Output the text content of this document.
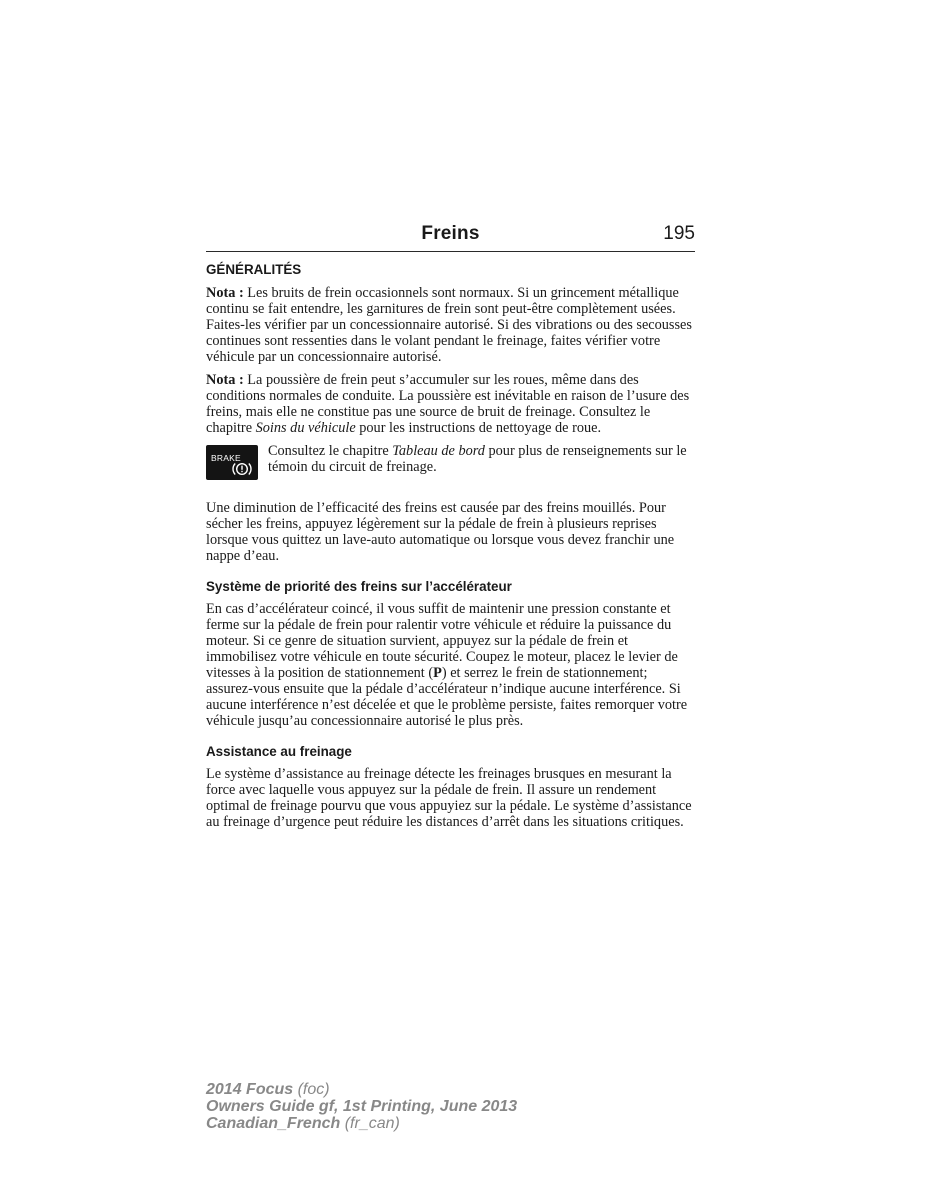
Freins	195
GÉNÉRALITÉS

Nota : Les bruits de frein occasionnels sont normaux. Si un grincement métallique continu se fait entendre, les garnitures de frein sont peut-être complètement usées. Faites-les vérifier par un concessionnaire autorisé. Si des vibrations ou des secousses continues sont ressenties dans le volant pendant le freinage, faites vérifier votre véhicule par un concessionnaire autorisé.

Nota : La poussière de frein peut s’accumuler sur les roues, même dans des conditions normales de conduite. La poussière est inévitable en raison de l’usure des freins, mais elle ne constitue pas une source de bruit de freinage. Consultez le chapitre Soins du véhicule pour les instructions de nettoyage de roue.

BRAKE Consultez le chapitre Tableau de bord pour plus de renseignements sur le témoin du circuit de freinage.

Une diminution de l’efficacité des freins est causée par des freins mouillés. Pour sécher les freins, appuyez légèrement sur la pédale de frein à plusieurs reprises lorsque vous quittez un lave-auto automatique ou lorsque vous devez franchir une nappe d’eau.

Système de priorité des freins sur l’accélérateur

En cas d’accélérateur coincé, il vous suffit de maintenir une pression constante et ferme sur la pédale de frein pour ralentir votre véhicule et réduire la puissance du moteur. Si ce genre de situation survient, appuyez sur la pédale de frein et immobilisez votre véhicule en toute sécurité. Coupez le moteur, placez le levier de vitesses à la position de stationnement (P) et serrez le frein de stationnement; assurez-vous ensuite que la pédale d’accélérateur n’indique aucune interférence. Si aucune interférence n’est décelée et que le problème persiste, faites remorquer votre véhicule jusqu’au concessionnaire autorisé le plus près.

Assistance au freinage

Le système d’assistance au freinage détecte les freinages brusques en mesurant la force avec laquelle vous appuyez sur la pédale de frein. Il assure un rendement optimal de freinage pourvu que vous appuyiez sur la pédale. Le système d’assistance au freinage d’urgence peut réduire les distances d’arrêt dans les situations critiques.

2014 Focus (foc)
Owners Guide gf, 1st Printing, June 2013
Canadian_French (fr_can)
